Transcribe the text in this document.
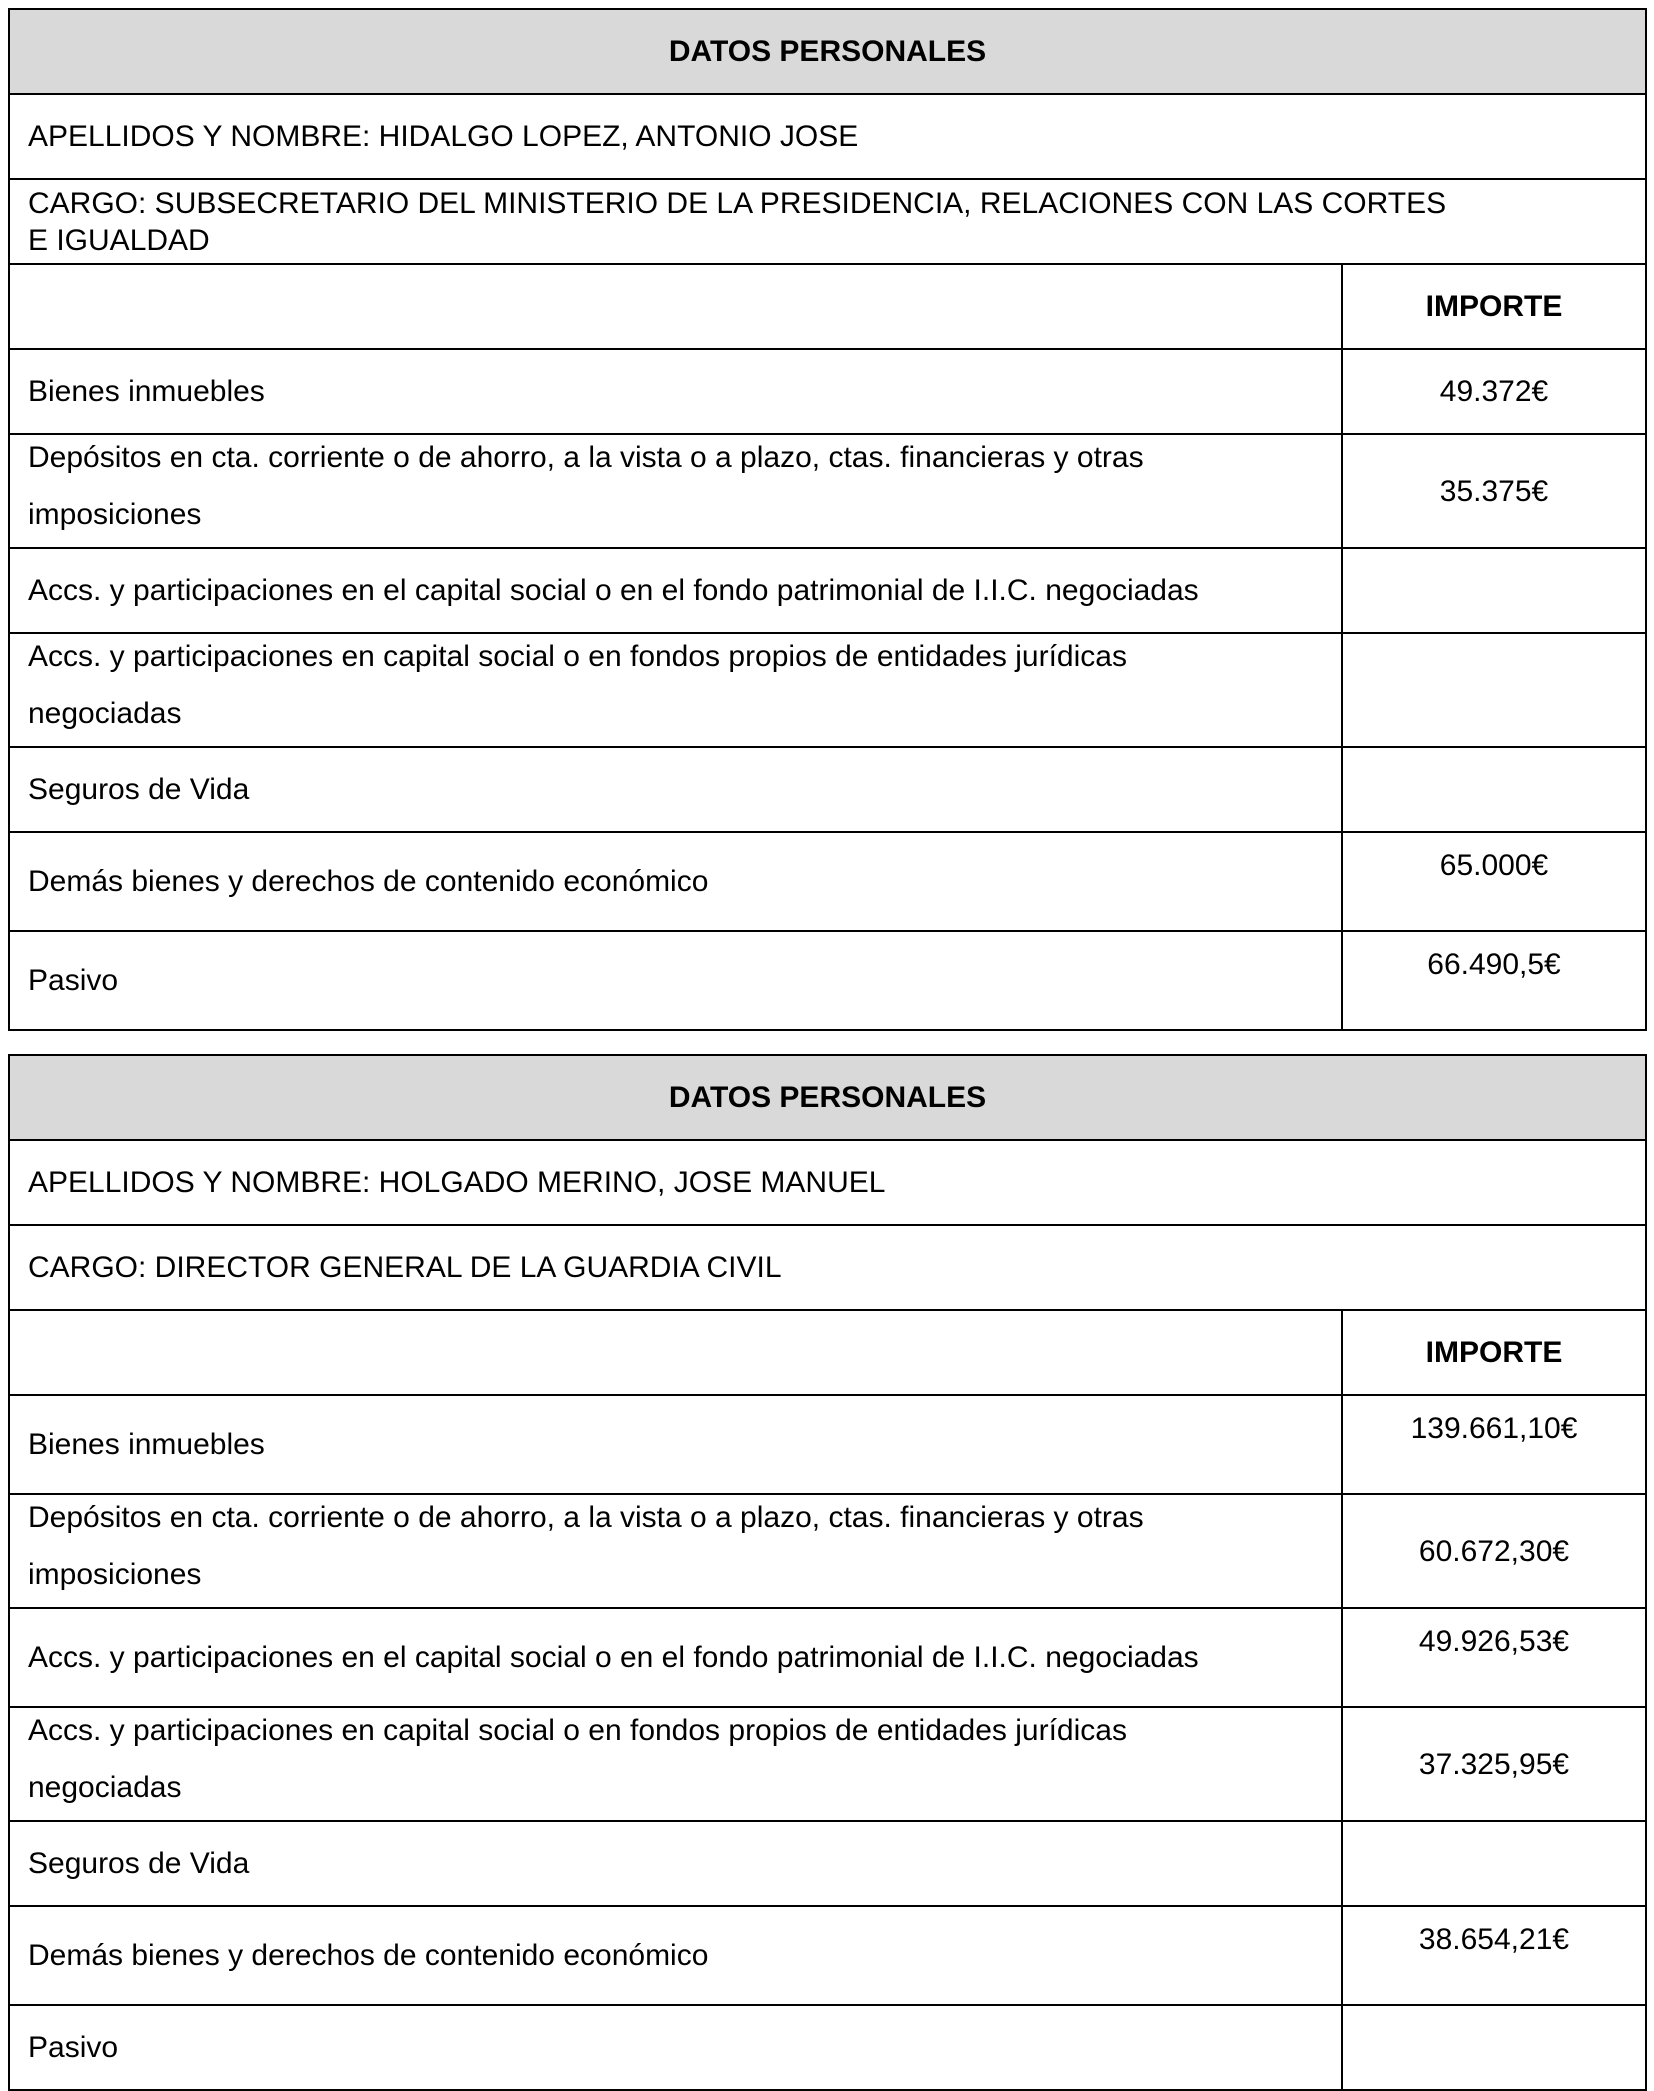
DATOS PERSONALES	
APELLIDOS Y NOMBRE: HIDALGO LOPEZ, ANTONIO JOSE	
CARGO: SUBSECRETARIO DEL MINISTERIO DE LA PRESIDENCIA, RELACIONES CON LAS CORTES
E IGUALDAD	
	IMPORTE
Bienes inmuebles	49.372€

Depósitos en cta. corriente o de ahorro, a la vista o a plazo, ctas. financieras y otras
imposiciones	35.375€
Accs. y participaciones en el capital social o en el fondo patrimonial de I.I.C. negociadas	

Accs. y participaciones en capital social o en fondos propios de entidades jurídicas
negociadas	

Seguros de Vida	
Demás bienes y derechos de contenido económico	65.000€
Pasivo	66.490,5€
DATOS PERSONALES	
APELLIDOS Y NOMBRE: HOLGADO MERINO, JOSE MANUEL	
CARGO: DIRECTOR GENERAL DE LA GUARDIA CIVIL	
	IMPORTE
Bienes inmuebles	139.661,10€

Depósitos en cta. corriente o de ahorro, a la vista o a plazo, ctas. financieras y otras
imposiciones	60.672,30€
Accs. y participaciones en el capital social o en el fondo patrimonial de I.I.C. negociadas	49.926,53€

Accs. y participaciones en capital social o en fondos propios de entidades jurídicas
negociadas	37.325,95€
Seguros de Vida	
Demás bienes y derechos de contenido económico	38.654,21€
Pasivo	
